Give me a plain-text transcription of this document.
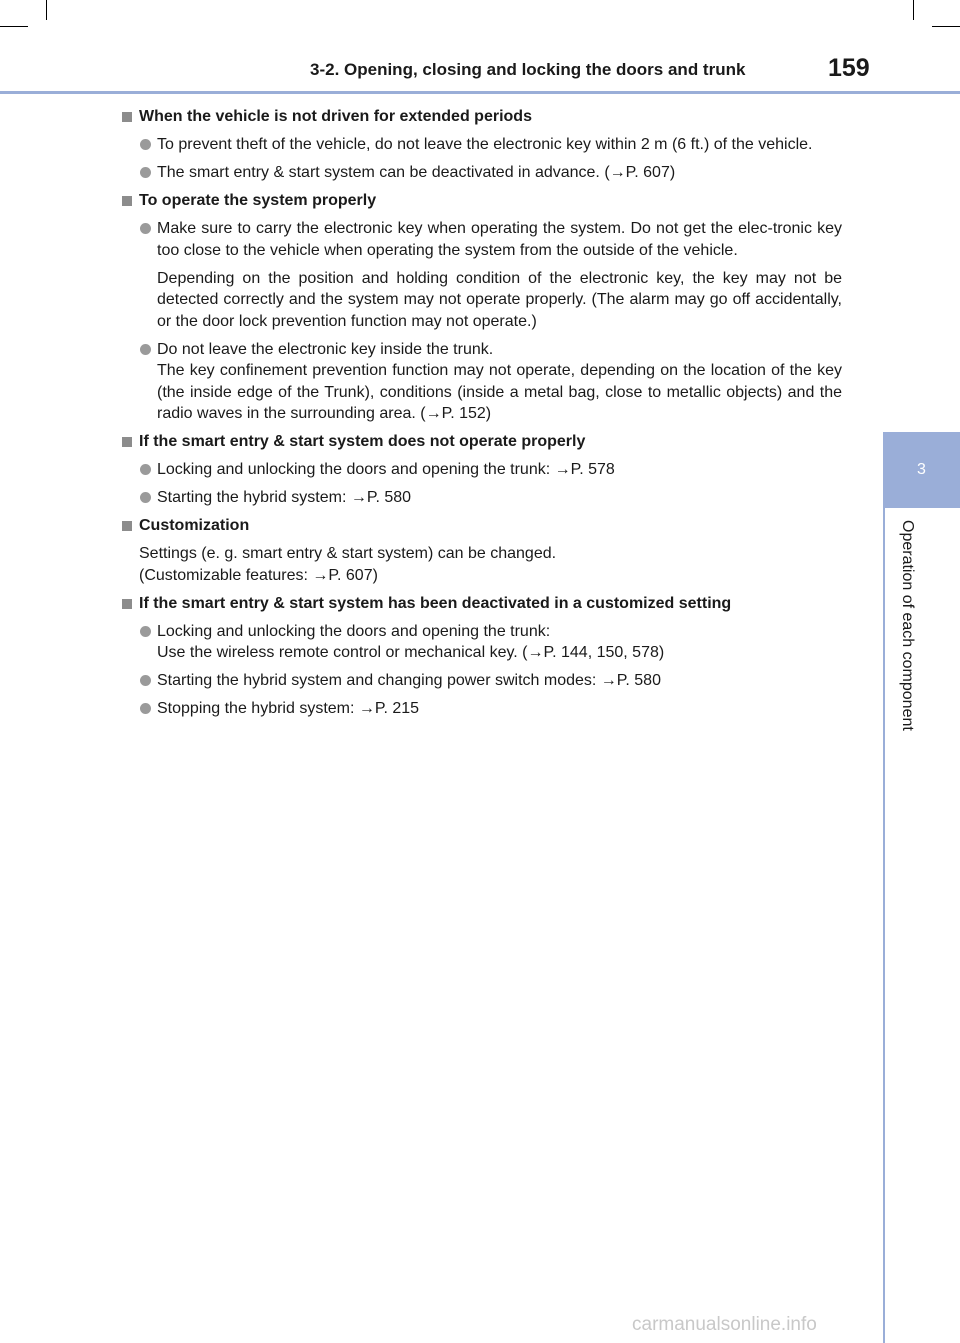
3-2. Opening, closing and locking the doors and trunk	159
3
Operation of each component
When the vehicle is not driven for extended periods
To prevent theft of the vehicle, do not leave the electronic key within 2 m (6 ft.) of the vehicle.
The smart entry & start system can be deactivated in advance. (→P. 607)
To operate the system properly
Make sure to carry the electronic key when operating the system. Do not get the elec-tronic key too close to the vehicle when operating the system from the outside of the vehicle.
Depending on the position and holding condition of the electronic key, the key may not be detected correctly and the system may not operate properly. (The alarm may go off accidentally, or the door lock prevention function may not operate.)
Do not leave the electronic key inside the trunk.
The key confinement prevention function may not operate, depending on the location of the key (the inside edge of the Trunk), conditions (inside a metal bag, close to metallic objects) and the radio waves in the surrounding area. (→P. 152)
If the smart entry & start system does not operate properly
Locking and unlocking the doors and opening the trunk: →P. 578
Starting the hybrid system: →P. 580
Customization
Settings (e. g. smart entry & start system) can be changed.
(Customizable features: →P. 607)
If the smart entry & start system has been deactivated in a customized setting
Locking and unlocking the doors and opening the trunk:
Use the wireless remote control or mechanical key. (→P. 144, 150, 578)
Starting the hybrid system and changing power switch modes: →P. 580
Stopping the hybrid system: →P. 215
carmanualsonline.info
